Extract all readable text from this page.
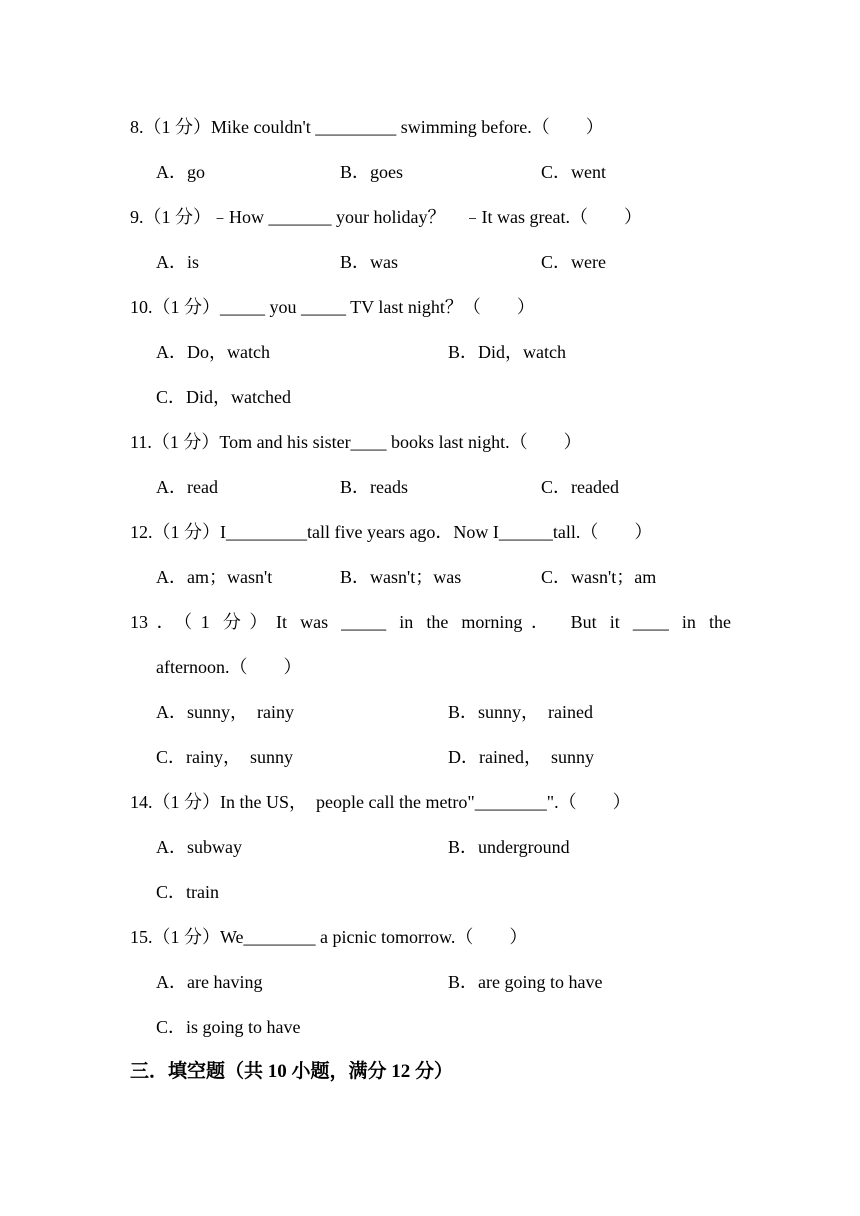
8.（1 分）Mike couldn't _________ swimming before.（　　）
A．go	B．goes	C．went
9.（1 分）﹣How _______ your holiday？　﹣It was great.（　　）
A．is	B．was	C．were
10.（1 分）_____ you _____ TV last night？（　　）
A．Do，watch	B．Did，watch
C．Did，watched
11.（1 分）Tom and his sister____ books last night.（　　）
A．read	B．reads	C．readed
12.（1 分）I_________tall five years ago．Now I______tall.（　　）
A．am；wasn't	B．wasn't；was	C．wasn't；am
13．（1 分）It was _____ in the morning． But it ____ in the
afternoon.（　　）
A．sunny，  rainy	B．sunny，  rained
C．rainy，  sunny	D．rained，  sunny
14.（1 分）In the US，  people call the metro"________".（　　）
A．subway	B．underground
C．train
15.（1 分）We________ a picnic tomorrow.（　　）
A．are having	B．are going to have
C．is going to have
三．填空题（共 10 小题，满分 12 分）
